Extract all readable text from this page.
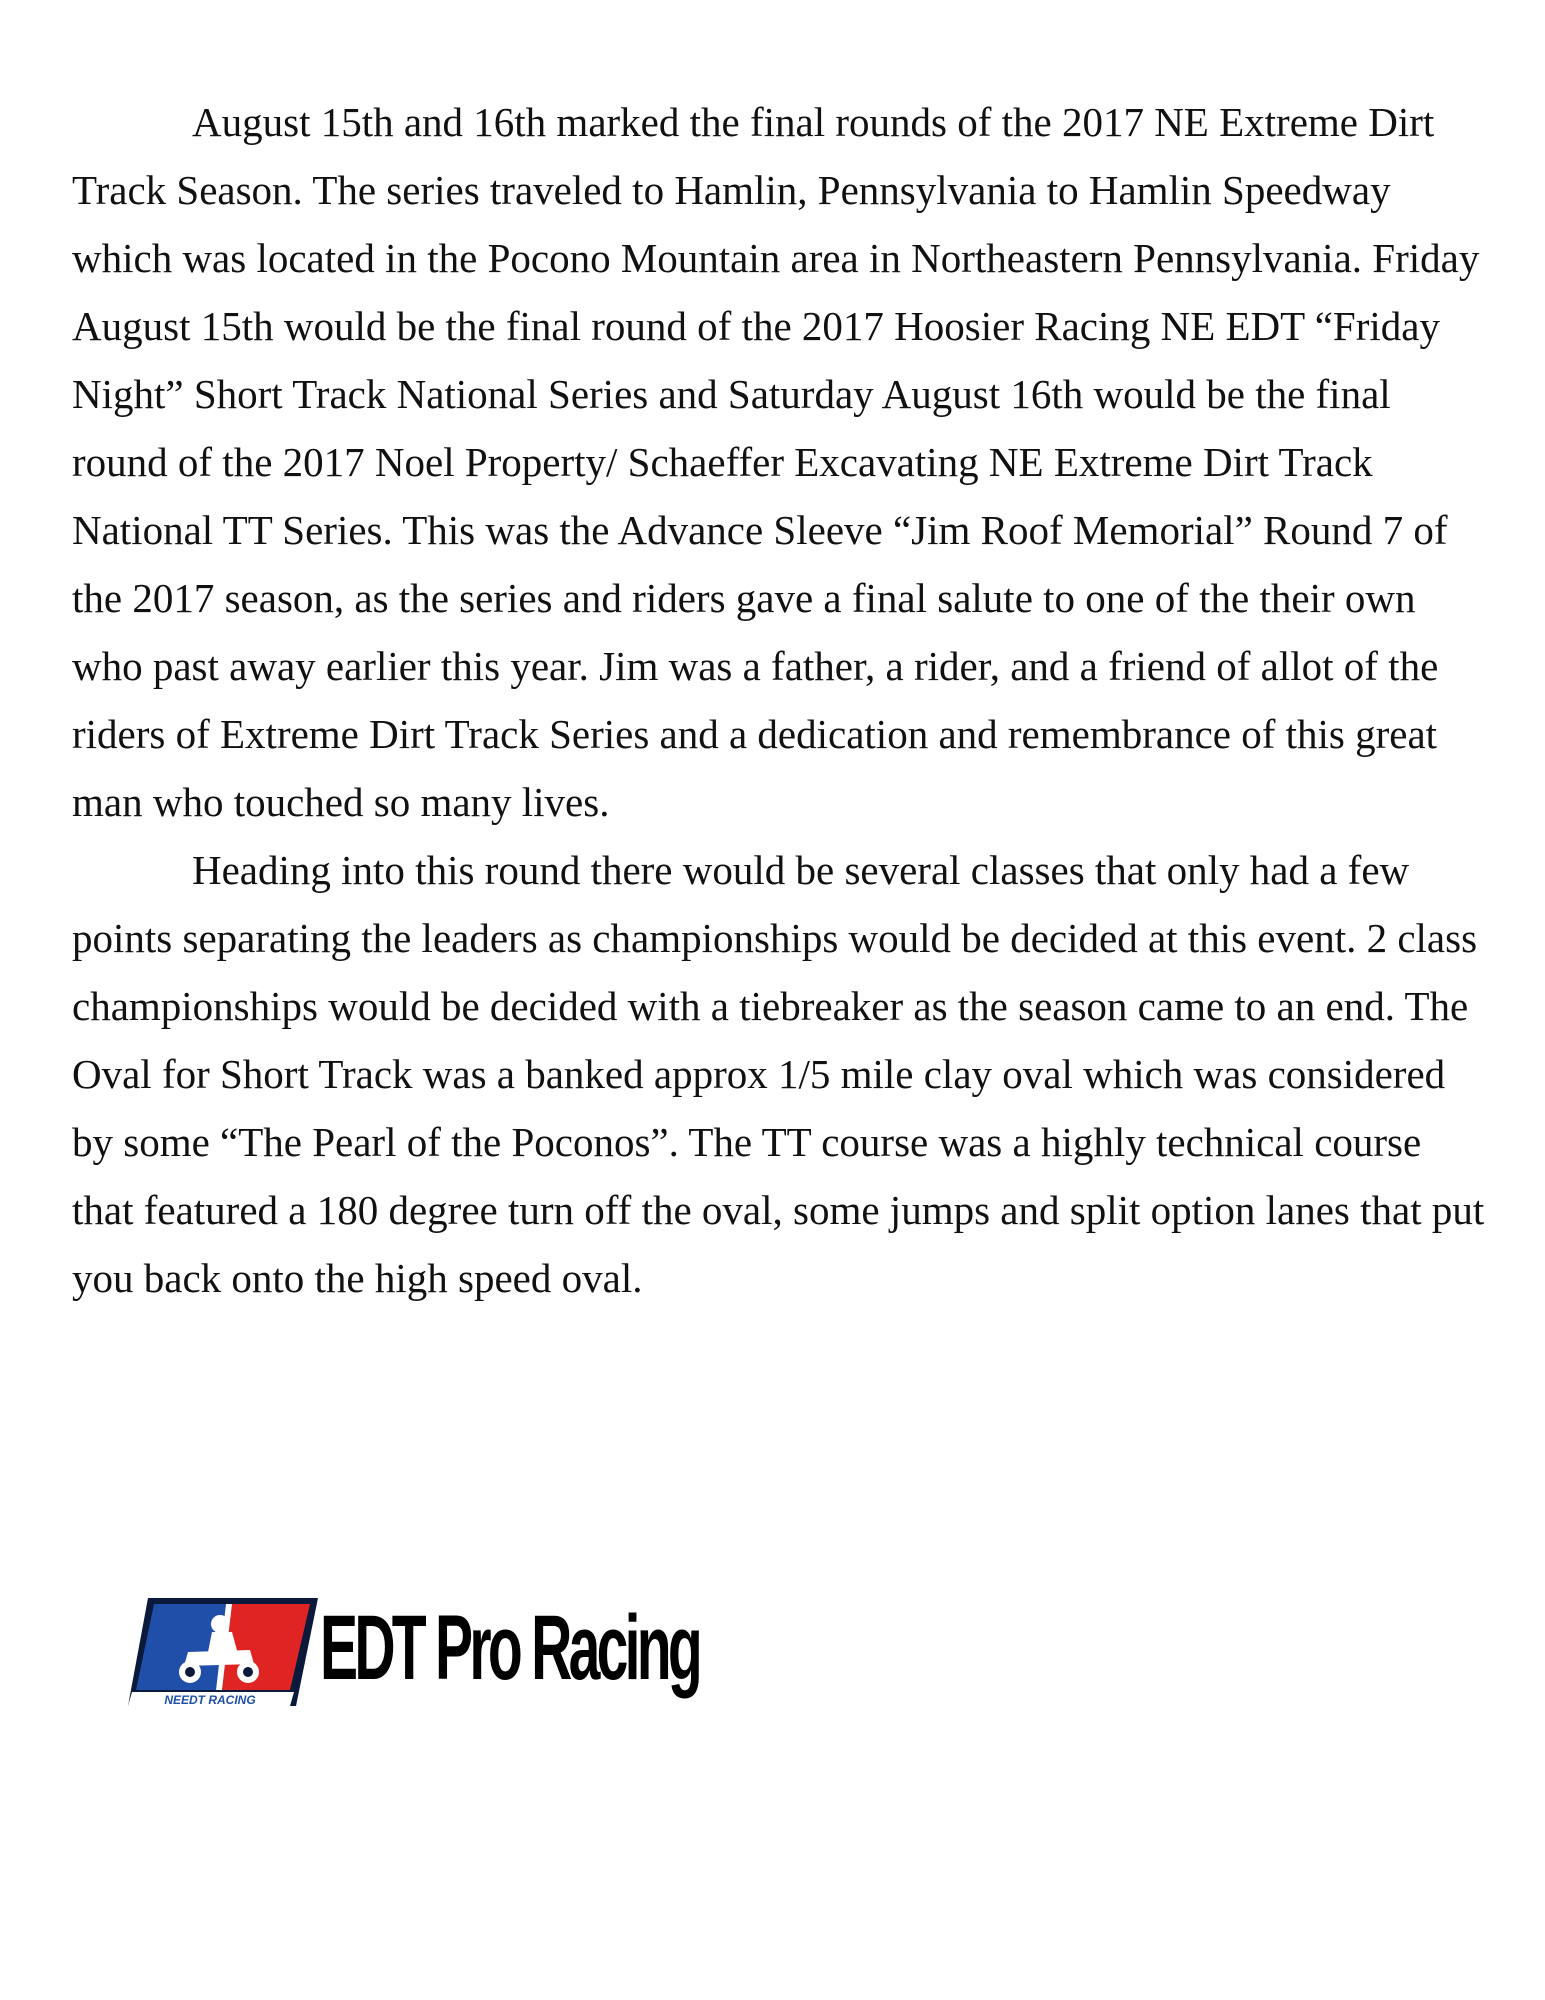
August 15th and 16th marked the final rounds of the 2017 NE Extreme Dirt Track Season. The series traveled to Hamlin, Pennsylvania to Hamlin Speedway which was located in the Pocono Mountain area in Northeastern Pennsylvania. Friday August 15th would be the final round of the 2017 Hoosier Racing NE EDT “Friday Night” Short Track National Series and Saturday August 16th would be the final round of the 2017 Noel Property/ Schaeffer Excavating NE Extreme Dirt Track National TT Series. This was the Advance Sleeve “Jim Roof Memorial” Round 7 of the 2017 season, as the series and riders gave a final salute to one of the their own who past away earlier this year. Jim was a father, a rider, and a friend of allot of the riders of Extreme Dirt Track Series and a dedication and remembrance of this great man who touched so many lives.

Heading into this round there would be several classes that only had a few points separating the leaders as championships would be decided at this event. 2 class championships would be decided with a tiebreaker as the season came to an end. The Oval for Short Track was a banked approx 1/5 mile clay oval which was considered by some “The Pearl of the Poconos”. The TT course was a highly technical course that featured a 180 degree turn off the oval, some jumps and split option lanes that put you back onto the high speed oval.

NEEDT RACING
EDT Pro Racing
